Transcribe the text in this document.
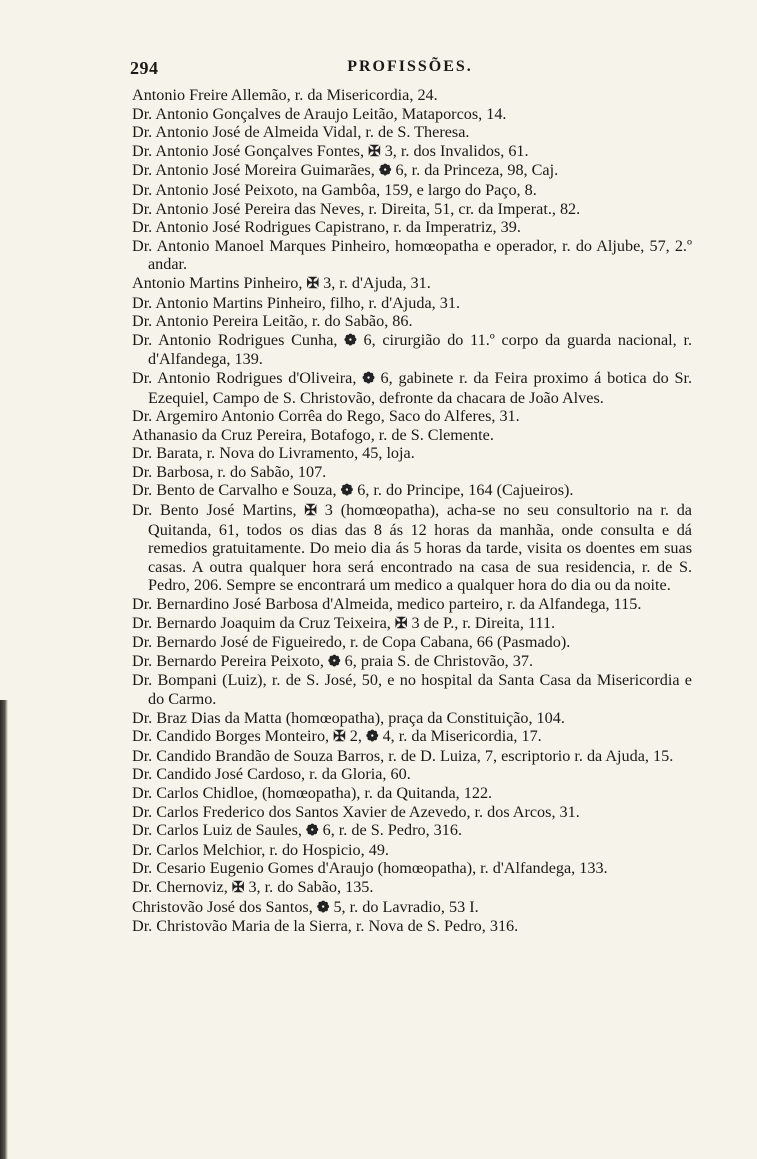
294	PROFISSÕES.
Antonio Freire Allemão, r. da Misericordia, 24.
Dr. Antonio Gonçalves de Araujo Leitão, Mataporcos, 14.
Dr. Antonio José de Almeida Vidal, r. de S. Theresa.
Dr. Antonio José Gonçalves Fontes, ✠ 3, r. dos Invalidos, 61.
Dr. Antonio José Moreira Guimarães, ❁ 6, r. da Princeza, 98, Caj.
Dr. Antonio José Peixoto, na Gambôa, 159, e largo do Paço, 8.
Dr. Antonio José Pereira das Neves, r. Direita, 51, cr. da Imperat., 82.
Dr. Antonio José Rodrigues Capistrano, r. da Imperatriz, 39.
Dr. Antonio Manoel Marques Pinheiro, homœopatha e operador, r. do Aljube, 57, 2.º andar.
Antonio Martins Pinheiro, ✠ 3, r. d'Ajuda, 31.
Dr. Antonio Martins Pinheiro, filho, r. d'Ajuda, 31.
Dr. Antonio Pereira Leitão, r. do Sabão, 86.
Dr. Antonio Rodrigues Cunha, ❁ 6, cirurgião do 11.º corpo da guarda nacional, r. d'Alfandega, 139.
Dr. Antonio Rodrigues d'Oliveira, ❁ 6, gabinete r. da Feira proximo á botica do Sr. Ezequiel, Campo de S. Christovão, defronte da chacara de João Alves.
Dr. Argemiro Antonio Corrêa do Rego, Saco do Alferes, 31.
Athanasio da Cruz Pereira, Botafogo, r. de S. Clemente.
Dr. Barata, r. Nova do Livramento, 45, loja.
Dr. Barbosa, r. do Sabão, 107.
Dr. Bento de Carvalho e Souza, ❁ 6, r. do Principe, 164 (Cajueiros).
Dr. Bento José Martins, ✠ 3 (homœopatha), acha-se no seu consultorio na r. da Quitanda, 61, todos os dias das 8 ás 12 horas da manhãa, onde consulta e dá remedios gratuitamente. Do meio dia ás 5 horas da tarde, visita os doentes em suas casas. A outra qualquer hora será encontrado na casa de sua residencia, r. de S. Pedro, 206. Sempre se encontrará um medico a qualquer hora do dia ou da noite.
Dr. Bernardino José Barbosa d'Almeida, medico parteiro, r. da Alfandega, 115.
Dr. Bernardo Joaquim da Cruz Teixeira, ✠ 3 de P., r. Direita, 111.
Dr. Bernardo José de Figueiredo, r. de Copa Cabana, 66 (Pasmado).
Dr. Bernardo Pereira Peixoto, ❁ 6, praia S. de Christovão, 37.
Dr. Bompani (Luiz), r. de S. José, 50, e no hospital da Santa Casa da Misericordia e do Carmo.
Dr. Braz Dias da Matta (homœopatha), praça da Constituição, 104.
Dr. Candido Borges Monteiro, ✠ 2, ❁ 4, r. da Misericordia, 17.
Dr. Candido Brandão de Souza Barros, r. de D. Luiza, 7, escriptorio r. da Ajuda, 15.
Dr. Candido José Cardoso, r. da Gloria, 60.
Dr. Carlos Chidloe, (homœopatha), r. da Quitanda, 122.
Dr. Carlos Frederico dos Santos Xavier de Azevedo, r. dos Arcos, 31.
Dr. Carlos Luiz de Saules, ❁ 6, r. de S. Pedro, 316.
Dr. Carlos Melchior, r. do Hospicio, 49.
Dr. Cesario Eugenio Gomes d'Araujo (homœopatha), r. d'Alfandega, 133.
Dr. Chernoviz, ✠ 3, r. do Sabão, 135.
Christovão José dos Santos, ❁ 5, r. do Lavradio, 53 I.
Dr. Christovão Maria de la Sierra, r. Nova de S. Pedro, 316.
